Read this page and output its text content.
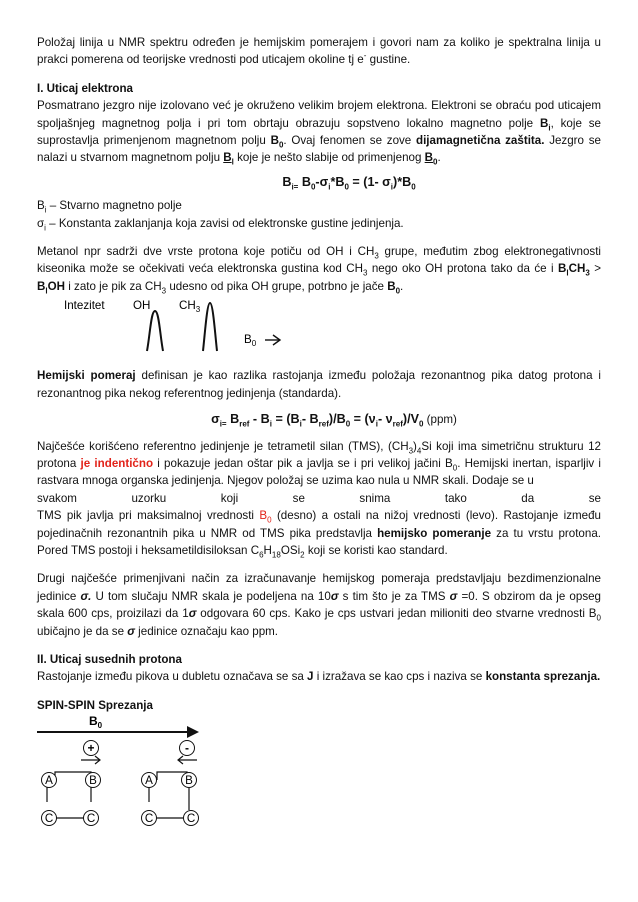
Položaj linija u NMR spektru određen je hemijskim pomerajem i govori nam za koliko je spektralna linija u prakci pomerena od teorijske vrednosti pod uticajem okoline tj e- gustine.

I. Uticaj elektrona

Posmatrano jezgro nije izolovano već je okruženo velikim brojem elektrona. Elektroni se obraću pod uticajem spoljašnjeg magnetnog polja i pri tom obrtaju obrazuju sopstveno lokalno magnetno polje $B_i$, koje se suprostavlja primenjenom magnetnom polju $B_0$. Ovaj fenomen se zove dijamagnetična zaštita. Jezgro se nalazi u stvarnom magnetnom polju $B_l$ koje je nešto slabije od primenjenog $B_0$.

$B_{i=}$ $B_0-\sigma_i*B_0 = (1-$ $\sigma_i)*B_0$

$B_i$ – Stvarno magnetno polje

$\sigma_i$ – Konstanta zaklanjanja koja zavisi od elektronske gustine jedinjenja.

Metanol npr sadrži dve vrste protona koje potiču od OH i $CH_3$ grupe, međutim zbog elektronegativnosti kiseonika može se očekivati veća elektronska gustina kod $CH_3$ nego oko OH protona tako da će i $B_lCH_3 > B_lOH$ i zato je pik za $CH_3$ udesno od pika OH grupe, potrbno je jače $B_0$.

Intezitet OH $CH_3$
$B_0$

Hemijski pomeraj definisan je kao razlika rastojanja između položaja rezonantnog pika datog protona i rezonantnog pika nekog referentnog jedinjenja (standarda).

$\sigma_{i=}$ $B_{ref} - B_i = (B_i-$ $B_{ref})/B_0 = (\nu_i-$ $\nu_{ref})/V_0$ (ppm)

Najčešće korišćeno referentno jedinjenje je tetrametil silan (TMS), $(CH_3)_4Si$ koji ima simetričnu strukturu 12 protona je indentično i pokazuje jedan oštar pik a javlja se i pri velikoj jačini $B_0$. Hemijski inertan, isparljiv i rastvara mnoga organska jedinjenja. Njegov položaj se uzima kao nula u NMR skali. Dodaje se u

svakom	uzorku	koji	se	snima	tako	da	se

TMS pik javlja pri maksimalnoj vrednosti $B_0$ (desno) a ostali na nižoj vrednosti (levo). Rastojanje između pojedinačnih rezonantnih pika u NMR od TMS pika predstavlja hemijsko pomeranje za tu vrstu protona. Pored TMS postoji i heksametildisiloksan $C_6H_{18}OSi_2$ koji se koristi kao standard.

Drugi najčešće primenjivani način za izračunavanje hemijskog pomeraja predstavljaju bezdimenzionalne jedinice σ. U tom slučaju NMR skala je podeljena na 10σ s tim što je za TMS σ =0. S obzirom da je opseg skala 600 cps, proizilazi da 1σ odgovara 60 cps. Kako je cps ustvari jedan milioniti deo stvarne vrednosti $B_0$ ubičajno je da se σ jedinice označaju kao ppm.

II. Uticaj susednih protona

Rastojanje između pikova u dubletu označava se sa J i izražava se kao cps i naziva se konstanta sprezanja.

SPIN-SPIN Sprezanja

$B_0$
+
A	B
C	C
-
A	B
C	C
